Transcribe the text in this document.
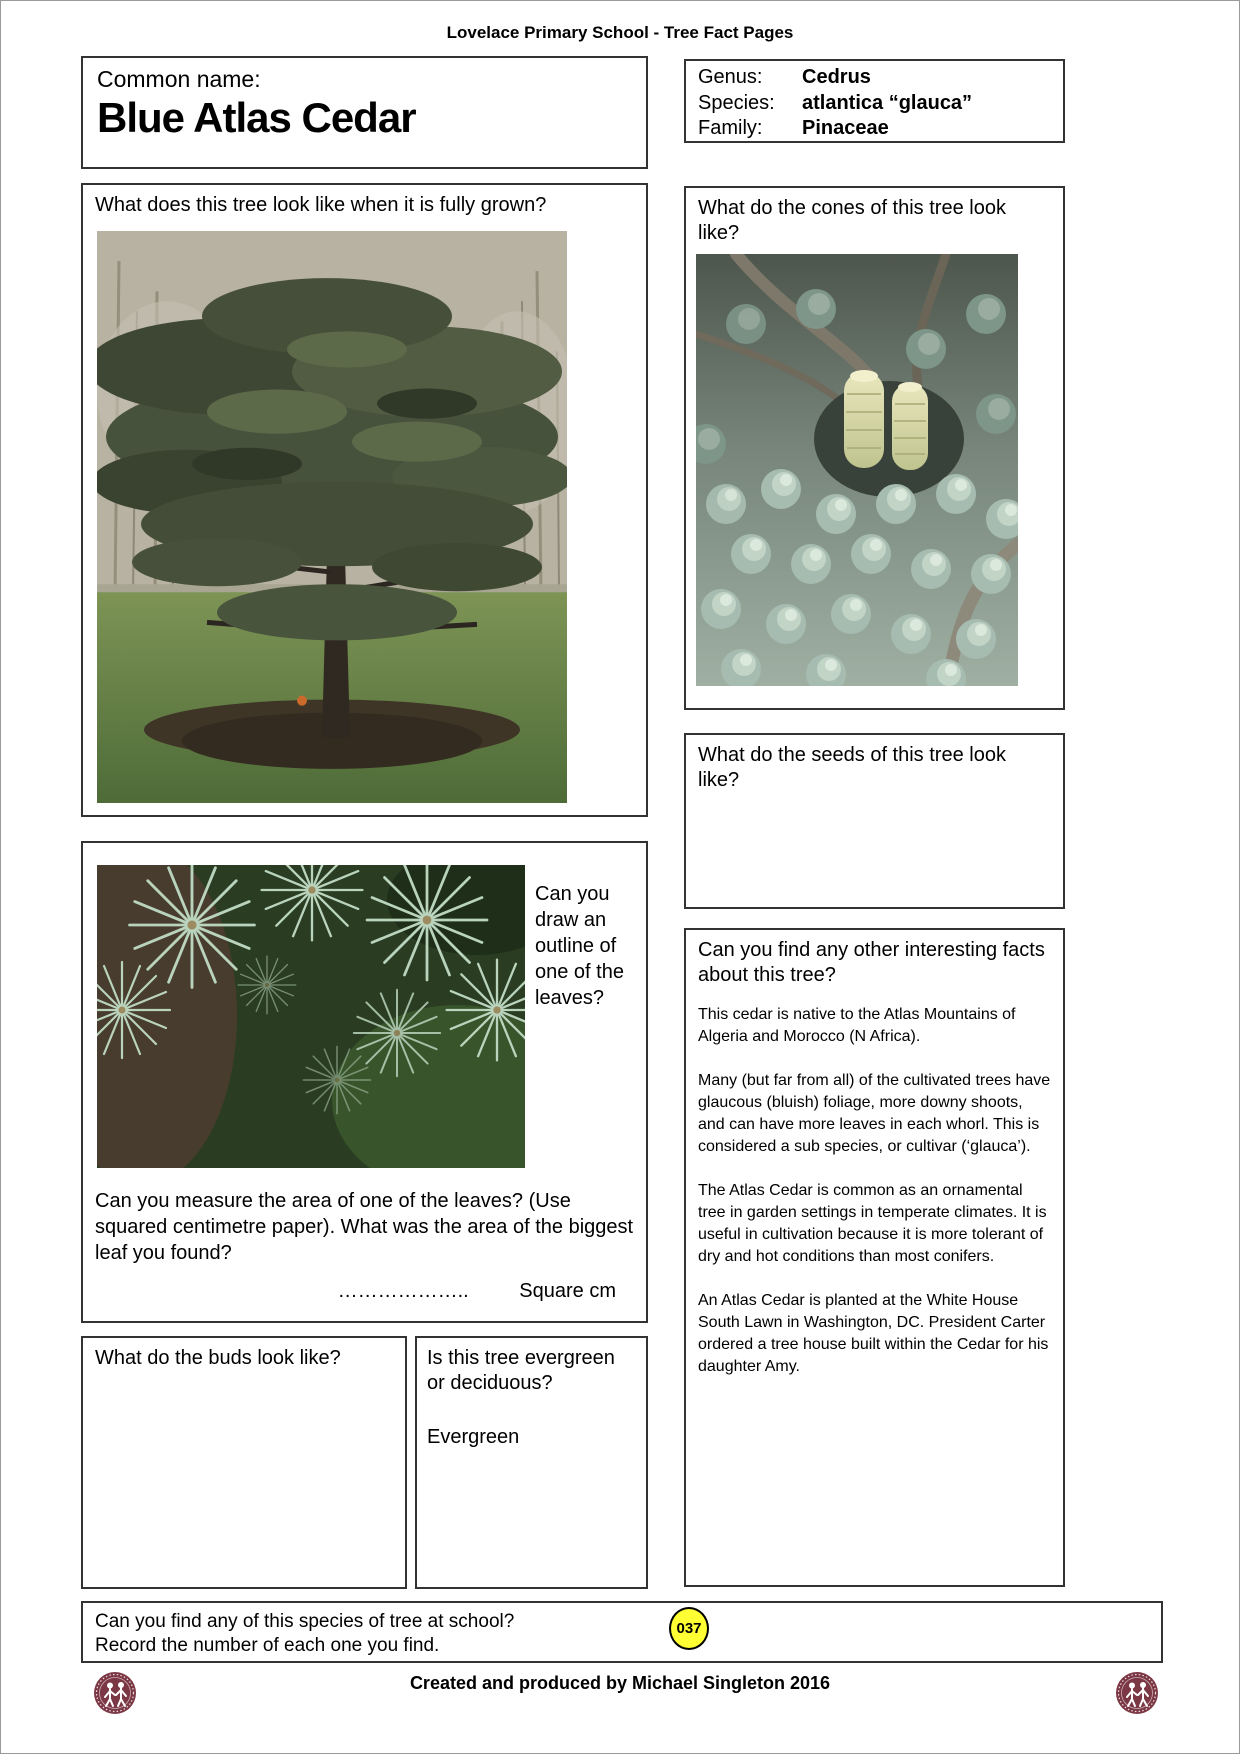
Lovelace Primary School - Tree Fact Pages
Common name:
Blue Atlas Cedar
Genus:	Cedrus
Species:	atlantica “glauca”
Family:	Pinaceae
What does this tree look like when it is fully grown?	What do the cones of this tree look like?
What do the seeds of this tree look like?
Can you find any other interesting facts about this tree?

This cedar is native to the Atlas Mountains of Algeria and Morocco (N Africa).

Many (but far from all) of the cultivated trees have glaucous (bluish) foliage, more downy shoots, and can have more leaves in each whorl. This is considered a sub species, or cultivar (‘glauca’).

The Atlas Cedar is common as an ornamental tree in garden settings in temperate climates. It is useful in cultivation because it is more tolerant of dry and hot conditions than most conifers.

An Atlas Cedar is planted at the White House South Lawn in Washington, DC. President Carter ordered a tree house built within the Cedar for his daughter Amy.

Can you draw an outline of one of the leaves?
Can you measure the area of one of the leaves? (Use squared centimetre paper). What was the area of the biggest leaf you found?
………………..	Square cm
What do the buds look like?	Is this tree evergreen or deciduous?
Evergreen
Can you find any of this species of tree at school?
Record the number of each one you find.
037
Created and produced by Michael Singleton 2016
